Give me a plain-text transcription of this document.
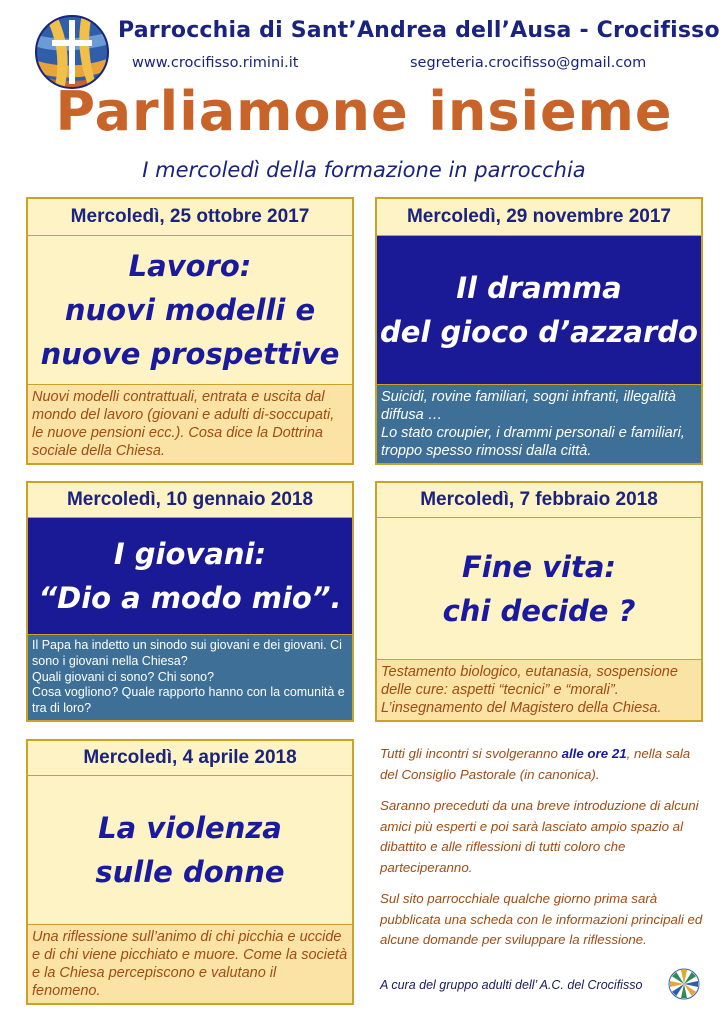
Parrocchia di Sant’Andrea dell’Ausa - Crocifisso
www.crocifisso.rimini.it	segreteria.crocifisso@gmail.com
Parliamone insieme
I mercoledì della formazione in parrocchia
Mercoledì, 25 ottobre 2017
Lavoro:
nuovi modelli e
nuove prospettive
Nuovi modelli contrattuali, entrata e uscita dal mondo del lavoro (giovani e adulti di-soccupati, le nuove pensioni ecc.). Cosa dice la Dottrina sociale della Chiesa.
Mercoledì, 29 novembre 2017
Il dramma
del gioco d’azzardo
Suicidi, rovine familiari, sogni infranti, illegalità diffusa …
Lo stato croupier, i drammi personali e familiari, troppo spesso rimossi dalla città.
Mercoledì, 10 gennaio 2018
I giovani:
“Dio a modo mio”.
Il Papa ha indetto un sinodo sui giovani e dei giovani. Ci sono i giovani nella Chiesa?
Quali giovani ci sono? Chi sono?
Cosa vogliono? Quale rapporto hanno con la comunità e tra di loro?
Mercoledì, 7 febbraio 2018
Fine vita:
chi decide ?
Testamento biologico, eutanasia, sospensione delle cure: aspetti “tecnici” e “morali”. L’insegnamento del Magistero della Chiesa.
Mercoledì, 4 aprile 2018
La violenza
sulle donne
Una riflessione sull’animo di chi picchia e uccide e di chi viene picchiato e muore. Come la società e la Chiesa percepiscono e valutano il fenomeno.

Tutti gli incontri si svolgeranno alle ore 21, nella sala del Consiglio Pastorale (in canonica).

Saranno preceduti da una breve introduzione di alcuni amici più esperti e poi sarà lasciato ampio spazio al dibattito e alle riflessioni di tutti coloro che parteciperanno.

Sul sito parrocchiale qualche giorno prima sarà pubblicata una scheda con le informazioni principali ed alcune domande per sviluppare la riflessione.

A cura del gruppo adulti dell’ A.C. del Crocifisso
